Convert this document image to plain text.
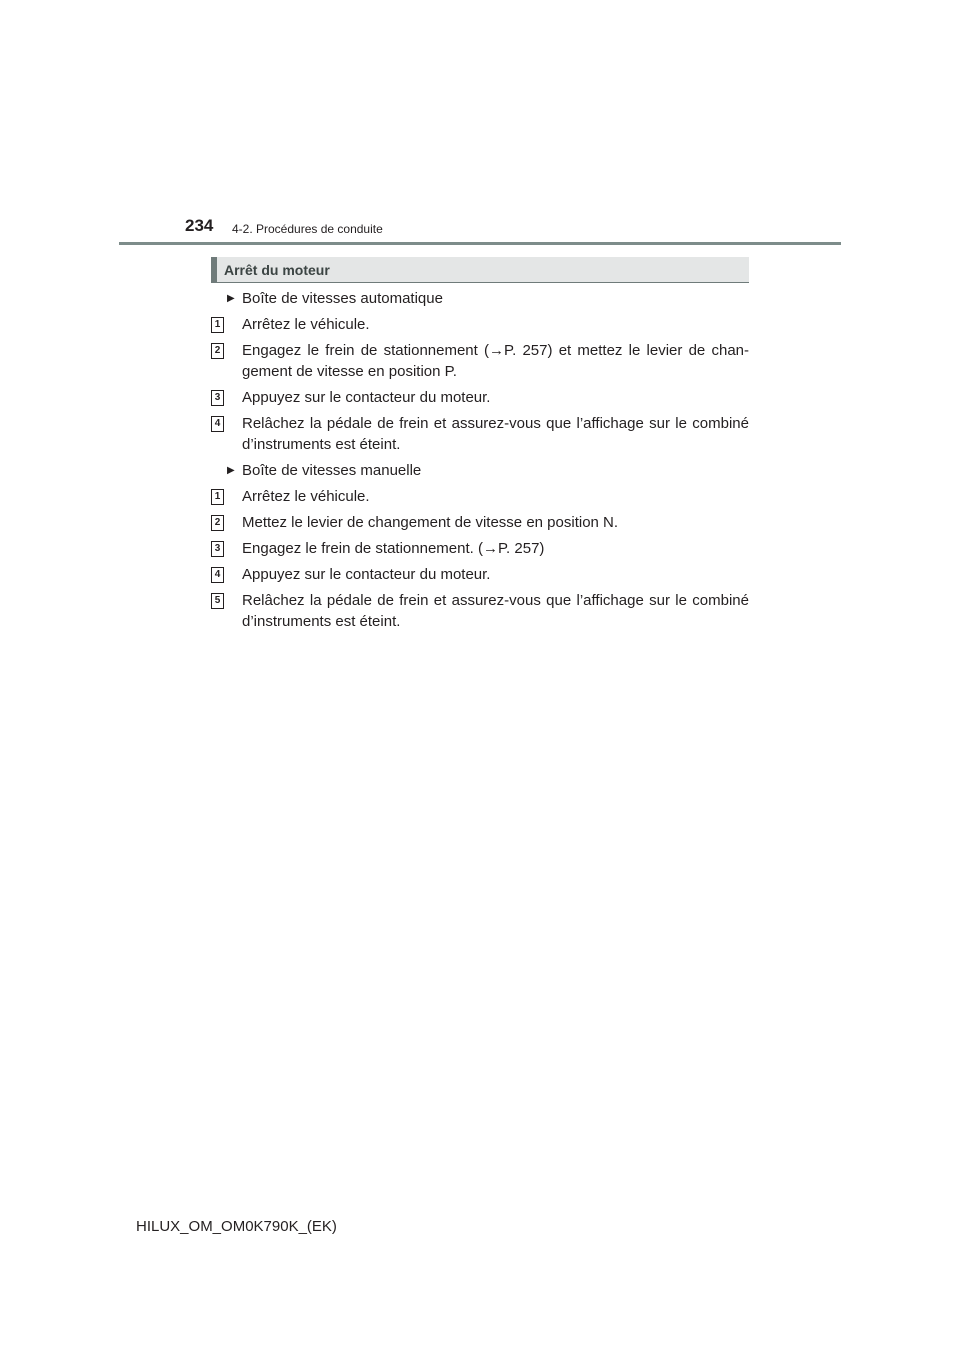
234 4-2. Procédures de conduite
Arrêt du moteur
▶ Boîte de vitesses automatique
1 Arrêtez le véhicule.
2 Engagez le frein de stationnement (→P. 257) et mettez le levier de chan-gement de vitesse en position P.
3 Appuyez sur le contacteur du moteur.
4 Relâchez la pédale de frein et assurez-vous que l’affichage sur le combiné d’instruments est éteint.
▶ Boîte de vitesses manuelle
1 Arrêtez le véhicule.
2 Mettez le levier de changement de vitesse en position N.
3 Engagez le frein de stationnement. (→P. 257)
4 Appuyez sur le contacteur du moteur.
5 Relâchez la pédale de frein et assurez-vous que l’affichage sur le combiné d’instruments est éteint.
HILUX_OM_OM0K790K_(EK)
